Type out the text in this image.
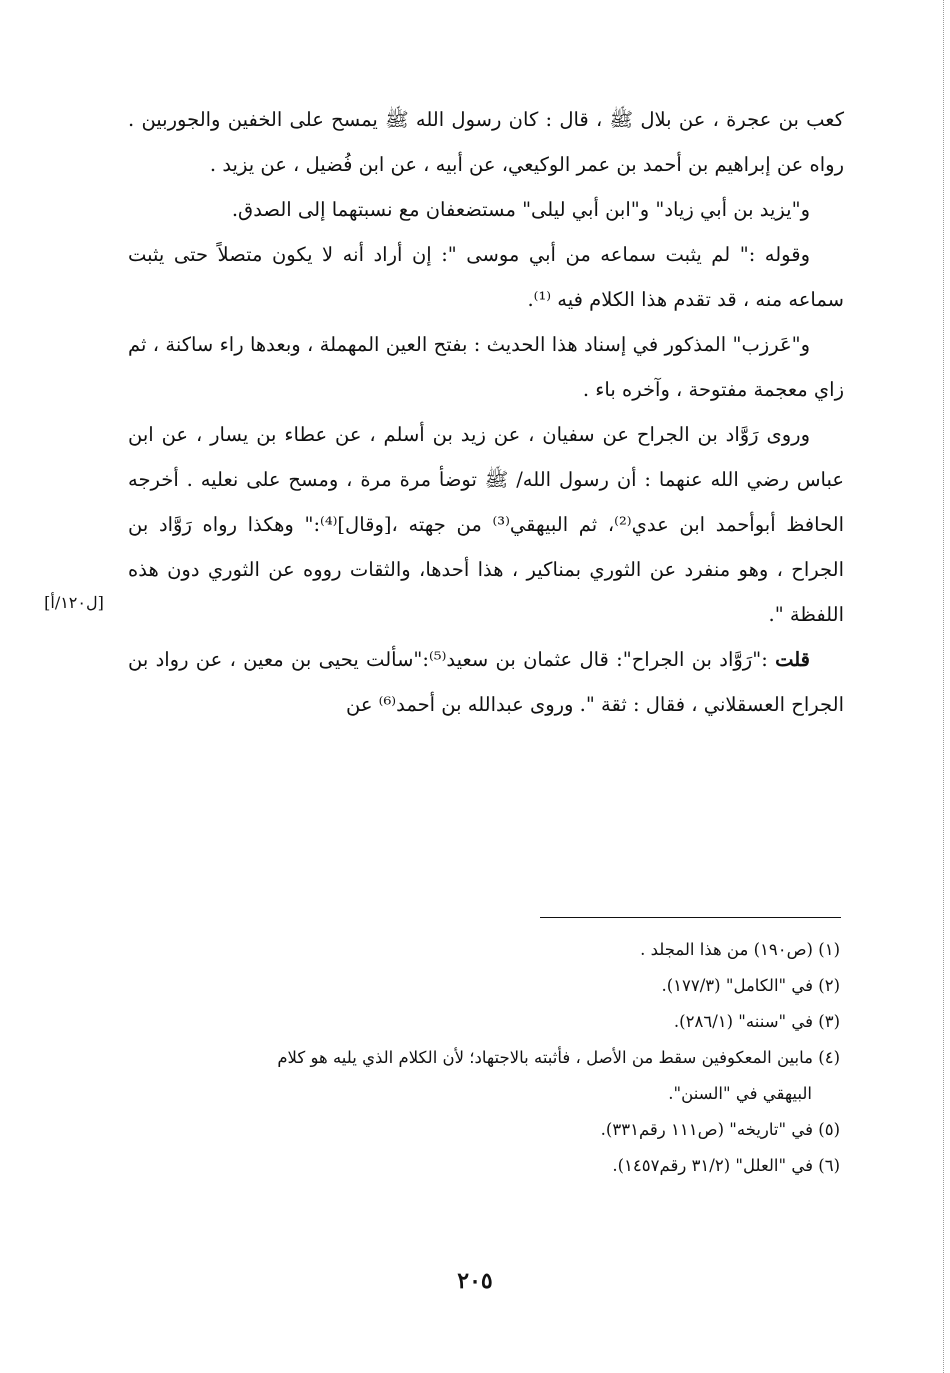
كعب بن عجرة ، عن بلال ﷺ ، قال : كان رسول الله ﷺ يمسح على الخفين والجوربين . رواه عن إبراهيم بن أحمد بن عمر الوكيعي، عن أبيه ، عن ابن فُضيل ، عن يزيد .

و"يزيد بن أبي زياد" و"ابن أبي ليلى" مستضعفان مع نسبتهما إلى الصدق.

وقوله :" لم يثبت سماعه من أبي موسى ": إن أراد أنه لا يكون متصلاً حتى يثبت سماعه منه ، قد تقدم هذا الكلام فيه ⁽¹⁾.

و"عَرزب" المذكور في إسناد هذا الحديث : بفتح العين المهملة ، وبعدها راء ساكنة ، ثم زاي معجمة مفتوحة ، وآخره باء .

وروى رَوَّاد بن الجراح عن سفيان ، عن زيد بن أسلم ، عن عطاء بن يسار ، عن ابن عباس رضي الله عنهما : أن رسول الله/ ﷺ توضأ مرة مرة ، ومسح على نعليه . أخرجه الحافظ أبوأحمد ابن عدي⁽²⁾، ثم البيهقي⁽³⁾ من جهته ،[وقال]⁽⁴⁾:" وهكذا رواه رَوَّاد بن الجراح ، وهو منفرد عن الثوري بمناكير ، هذا أحدها، والثقات رووه عن الثوري دون هذه اللفظة ".

قلت :"رَوَّاد بن الجراح": قال عثمان بن سعيد⁽⁵⁾:"سألت يحيى بن معين ، عن رواد بن الجراح العسقلاني ، فقال : ثقة ". وروى عبدالله بن أحمد⁽⁶⁾ عن

[ل١٢٠/أ]

(١) (ص١٩٠) من هذا المجلد .

(٢) في "الكامل" (١٧٧/٣).

(٣) في "سننه" (٢٨٦/١).

(٤) مابين المعكوفين سقط من الأصل ، فأثبته بالاجتهاد؛ لأن الكلام الذي يليه هو كلام

البيهقي في "السنن".

(٥) في "تاريخه" (ص١١١ رقم٣٣١).

(٦) في "العلل" (٣١/٢ رقم١٤٥٧).

٢٠٥
